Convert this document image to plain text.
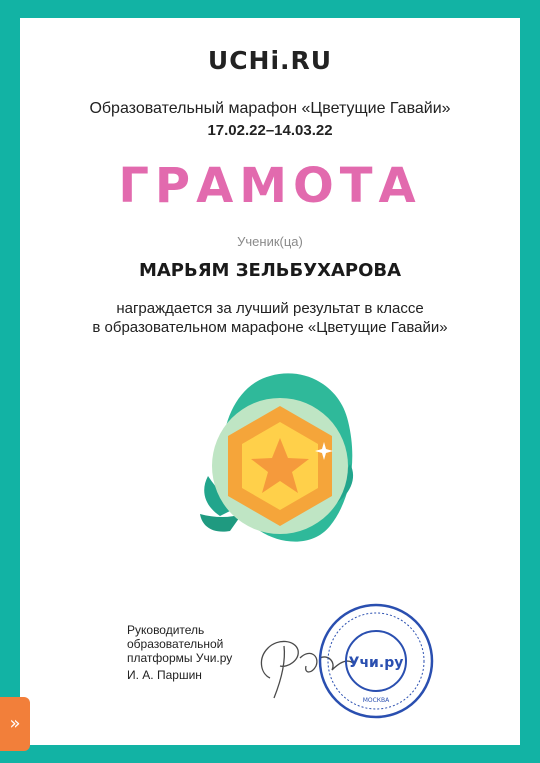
UCHi.RU
Образовательный марафон «Цветущие Гавайи»
17.02.22–14.03.22
ГРАМОТА
Ученик(ца)
МАРЬЯМ ЗЕЛЬБУХАРОВА
награждается за лучший результат в классе
в образовательном марафоне «Цветущие Гавайи»
Руководитель
образовательной
платформы Учи.ру
И. А. Паршин
Учи.ру
МОСКВА
»
